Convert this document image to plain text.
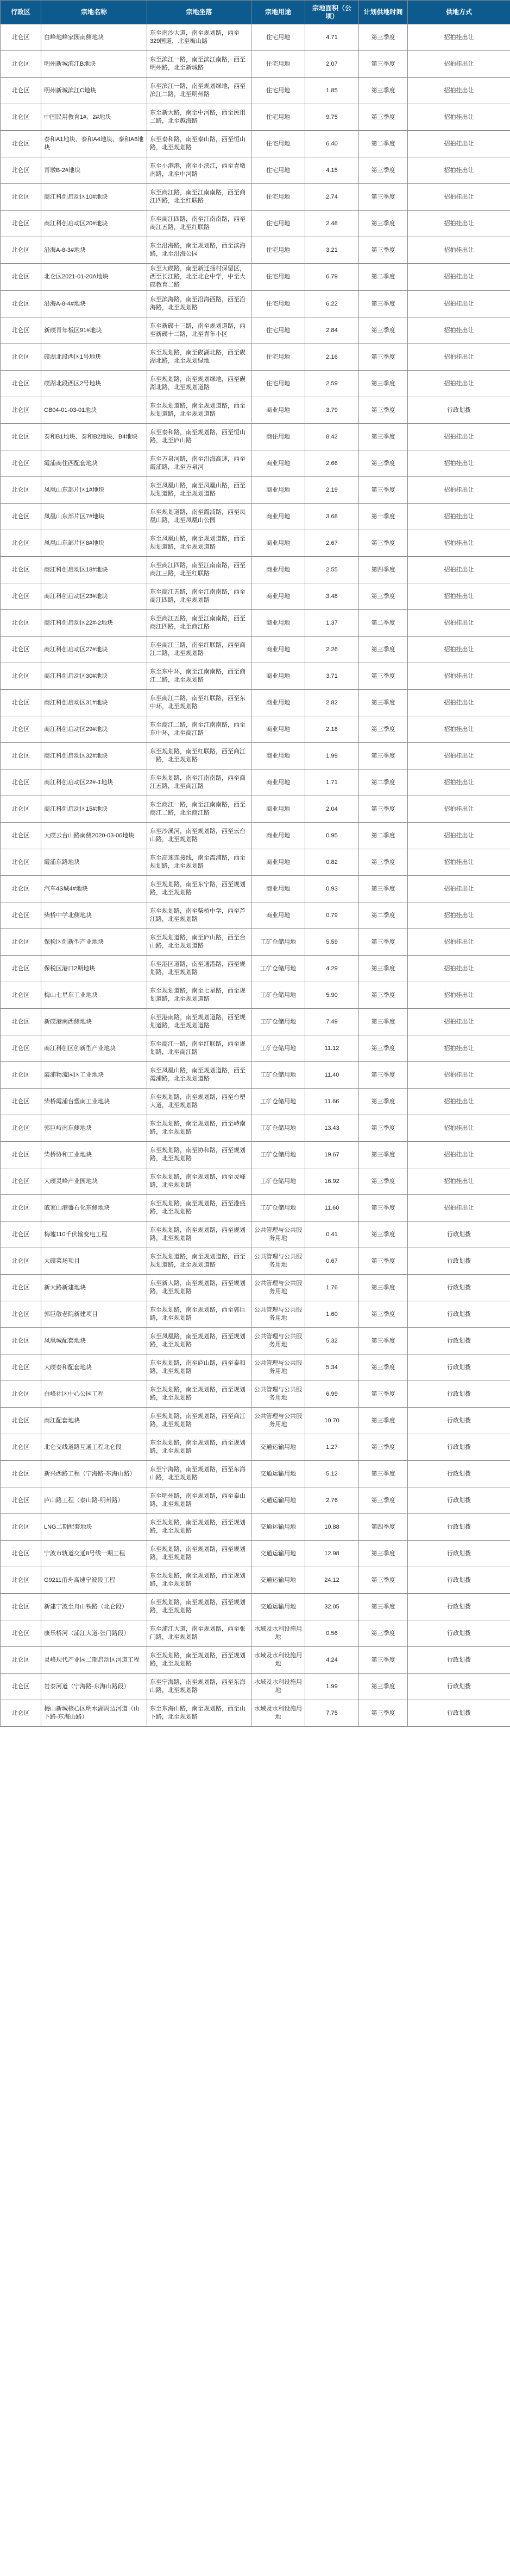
行政区	宗地名称	宗地坐落	宗地用途	宗地面积（公顷）	计划供地时间	供地方式
北仑区	白峰地峰家园南侧地块	东至南沙大道，南至规划路，西至329国道，北至梅山路	住宅用地	4.71	第三季度	招拍挂出让
北仑区	明州新城滨江B地块	东至滨江一路，南至滨江南路，西至明州路，北至新城路	住宅用地	2.07	第三季度	招拍挂出让
北仑区	明州新城滨江C地块	东至滨江一路，南至规划绿地，西至滨江二路，北至明州路	住宅用地	1.85	第三季度	招拍挂出让
北仑区	中国民用教育1#、2#地块	东至新大路，南至中河路，西至民用二路，北至越海路	住宅用地	9.75	第三季度	招拍挂出让
北仑区	泰和A1地块、泰和A4地块、泰和A6地块	东至泰和路，南至泰山路，西至恒山路，北至规划路	住宅用地	6.40	第二季度	招拍挂出让
北仑区	青墩B-2#地块	东至小港港，南至小浃江，西至青墩南路，北至中河路	住宅用地	4.15	第三季度	招拍挂出让
北仑区	商江科创启动区10#地块	东至商江路，南至江南南路，西至商江四路，北至红联路	住宅用地	2.74	第三季度	招拍挂出让
北仑区	商江科创启动区20#地块	东至商江四路，南至江南南路，西至商江五路，北至红联路	住宅用地	2.48	第三季度	招拍挂出让
北仑区	沿海A-8-3#地块	东至沿海路，南至规划路，西至滨海路，北至沿海公园	住宅用地	3.21	第三季度	招拍挂出让
北仑区	北仑区2021-01-20A地块	东至大碶路，南至新迁扬村保留区，西至长江路，北至北仑中学，中至大碶教育二路	住宅用地	6.79	第二季度	招拍挂出让
北仑区	沿海A-8-4#地块	东至滨海路，南至沿海西路，西至沿海路，北至规划路	住宅用地	6.22	第三季度	招拍挂出让
北仑区	新碶青年板区91#地块	东至新碶十三路，南至规划道路，西至新碶十二路，北至青年小区	住宅用地	2.84	第三季度	招拍挂出让
北仑区	碶湖北段西区1号地块	东至规划路，南至碶湖北路，西至碶湖北路，北至规划绿地	住宅用地	2.16	第三季度	招拍挂出让
北仑区	碶湖北段西区2号地块	东至规划路，南至规划绿地，西至碶湖北路，北至规划道路	住宅用地	2.59	第三季度	招拍挂出让
北仑区	CB04-01-03-01地块	东至规划道路，南至规划道路，西至规划道路，北至规划道路	商业用地	3.79	第三季度	行政划拨
北仑区	泰和B1地块、泰和B2地块、B4地块	东至泰和路，南至规划路，西至恒山路，北至庐山路	商住用地	8.42	第三季度	招拍挂出让
北仑区	霞浦商住西配套地块	东至万泉河路，南至沿海高速，西至霞浦路，北至万泉河	商业用地	2.66	第三季度	招拍挂出让
北仑区	凤凰山东部片区1#地块	东至凤凰山路，南至凤凰山路，西至规划道路，北至规划道路	商业用地	2.19	第三季度	招拍挂出让
北仑区	凤凰山东部片区7#地块	东至规划道路，南至霞浦路，西至凤凰山路，北至凤凰山公园	商业用地	3.68	第一季度	招拍挂出让
北仑区	凤凰山东部片区8#地块	东至凤凰山路，南至规划道路，西至规划道路，北至规划道路	商业用地	2.67	第三季度	招拍挂出让
北仑区	商江科创启动区18#地块	东至商江四路，南至江南南路，西至商江三路，北至红联路	商业用地	2.55	第四季度	招拍挂出让
北仑区	商江科创启动区23#地块	东至商江五路，南至江南南路，西至商江四路，北至规划路	商业用地	3.48	第三季度	招拍挂出让
北仑区	商江科创启动区22#-2地块	东至商江五路，南至江南南路，西至商江四路，北至商江路	商业用地	1.37	第二季度	招拍挂出让
北仑区	商江科创启动区27#地块	东至商江三路，南至红联路，西至商江二路，北至规划路	商业用地	2.26	第三季度	招拍挂出让
北仑区	商江科创启动区30#地块	东至东中环，南至江南南路，西至商江二路，北至规划路	商业用地	3.71	第三季度	招拍挂出让
北仑区	商江科创启动区31#地块	东至商江二路，南至红联路，西至东中环，北至规划路	商业用地	2.82	第三季度	招拍挂出让
北仑区	商江科创启动区29#地块	东至商江二路，南至江南南路，西至东中环，北至商江路	商业用地	2.18	第三季度	招拍挂出让
北仑区	商江科创启动区32#地块	东至规划路，南至红联路，西至商江一路，北至规划路	商业用地	1.99	第三季度	招拍挂出让
北仑区	商江科创启动区22#-1地块	东至规划路，南至江南南路，西至商江五路，北至商江路	商业用地	1.71	第二季度	招拍挂出让
北仑区	商江科创启动区15#地块	东至商江一路，南至江南南路，西至商江二路，北至商江路	商业用地	2.04	第三季度	招拍挂出让
北仑区	大碶云台山路南侧2020-03-06地块	东至沙溪河，南至规划路，西至云台山路，北至规划路	商业用地	0.95	第二季度	招拍挂出让
北仑区	霞浦东路地块	东至高速连接线，南至霞浦路，西至规划路，北至规划路	商业用地	0.82	第三季度	招拍挂出让
北仑区	汽车4S城4#地块	东至规划路，南至东宁路，西至规划路，北至规划路	商业用地	0.93	第三季度	招拍挂出让
北仑区	柴桥中学北侧地块	东至规划路，南至柴桥中学，西至芦江路，北至规划路	商业用地	0.79	第二季度	招拍挂出让
北仑区	保税区创新型产业地块	东至规划道路，南至庐山路，西至台山路，北至规划道路	工矿仓储用地	5.59	第三季度	招拍挂出让
北仑区	保税区港口2期地块	东至港区道路，南至通港路，西至规划路，北至规划路	工矿仓储用地	4.29	第三季度	招拍挂出让
北仑区	梅山七星东工业地块	东至规划道路，南至七星路，西至规划道路，北至规划道路	工矿仓储用地	5.90	第三季度	招拍挂出让
北仑区	新碶港南西侧地块	东至港南路，南至规划道路，西至规划道路，北至规划道路	工矿仓储用地	7.49	第三季度	招拍挂出让
北仑区	商江科创区创新型产业地块	东至商江一路，南至红联路，西至规划路，北至商江路	工矿仓储用地	11.12	第三季度	招拍挂出让
北仑区	霞浦物流园区工业地块	东至凤凰山路，南至规划道路，西至霞浦路，北至规划道路	工矿仓储用地	11.40	第三季度	招拍挂出让
北仑区	柴桥霞浦台塑南工业地块	东至规划路，南至规划路，西至台塑大道，北至规划路	工矿仓储用地	11.66	第三季度	招拍挂出让
北仑区	郭巨峙南东侧地块	东至规划路，南至规划路，西至峙南路，北至规划路	工矿仓储用地	13.43	第三季度	招拍挂出让
北仑区	柴桥协和工业地块	东至规划路，南至协和路，西至规划路，北至规划路	工矿仓储用地	19.67	第三季度	招拍挂出让
北仑区	大碶灵峰产业园地块	东至规划路，南至规划路，西至灵峰路，北至规划路	工矿仓储用地	16.92	第三季度	招拍挂出让
北仑区	戚家山港盛石化东侧地块	东至规划路，南至规划路，西至港盛路，北至规划路	工矿仓储用地	11.60	第三季度	招拍挂出让
北仑区	梅墟110千伏输变电工程	东至规划路，南至规划路，西至规划路，北至规划路	公共管理与公共服务用地	0.41	第三季度	行政划拨
北仑区	大碶菜场项目	东至规划道路，南至规划道路，西至规划道路，北至规划道路	公共管理与公共服务用地	0.67	第三季度	行政划拨
北仑区	新大路新建地块	东至新大路，南至规划路，西至规划路，北至规划路	公共管理与公共服务用地	1.76	第三季度	行政划拨
北仑区	郭巨敬老院新建项目	东至规划路，南至规划路，西至郭巨路，北至规划路	公共管理与公共服务用地	1.60	第三季度	行政划拨
北仑区	凤凰城配套地块	东至凤凰路，南至规划路，西至规划路，北至规划路	公共管理与公共服务用地	5.32	第三季度	行政划拨
北仑区	大碶泰和配套地块	东至规划路，南至庐山路，西至泰和路，北至规划路	公共管理与公共服务用地	5.34	第三季度	行政划拨
北仑区	白峰社区中心公园工程	东至规划路，南至规划路，西至规划路，北至规划路	公共管理与公共服务用地	6.99	第三季度	行政划拨
北仑区	商江配套地块	东至规划路，南至规划路，西至商江路，北至规划路	公共管理与公共服务用地	10.70	第三季度	行政划拨
北仑区	北仑交线道路互通工程北仑段	东至规划路，南至规划路，西至规划路，北至规划路	交通运输用地	1.27	第三季度	行政划拨
北仑区	新兴西路工程（宁海路-东海山路）	东至宁海路，南至规划路，西至东海山路，北至规划路	交通运输用地	5.12	第三季度	行政划拨
北仑区	庐山路工程（泰山路-明州路）	东至明州路，南至规划路，西至泰山路，北至规划路	交通运输用地	2.76	第三季度	行政划拨
北仑区	LNG二期配套地块	东至规划路，南至规划路，西至规划路，北至规划路	交通运输用地	10.88	第四季度	行政划拨
北仑区	宁波市轨道交通8号线一期工程	东至规划路，南至规划路，西至规划路，北至规划路	交通运输用地	12.98	第三季度	行政划拨
北仑区	G9211甬舟高速宁波段工程	东至规划路，南至规划路，西至规划路，北至规划路	交通运输用地	24.12	第三季度	行政划拨
北仑区	新建宁波至舟山铁路（北仑段）	东至规划路，南至规划路，西至规划路，北至规划路	交通运输用地	32.05	第三季度	行政划拨
北仑区	康乐桥河（浦江大道-张门路段）	东至浦江大道，南至规划路，西至张门路，北至规划路	水域及水利设施用地	0.56	第三季度	行政划拨
北仑区	灵峰现代产业园二期启动区河道工程	东至规划路，南至规划路，西至规划路，北至规划路	水域及水利设施用地	4.24	第三季度	行政划拨
北仑区	岩泰河道（宁海路-东海山路段）	东至宁海路，南至规划路，西至东海山路，北至规划路	水域及水利设施用地	1.99	第三季度	行政划拨
北仑区	梅山新城核心区明水湖周边河道（山下路-东海山路）	东至东海山路，南至规划路，西至山下路，北至规划路	水域及水利设施用地	7.75	第三季度	行政划拨
